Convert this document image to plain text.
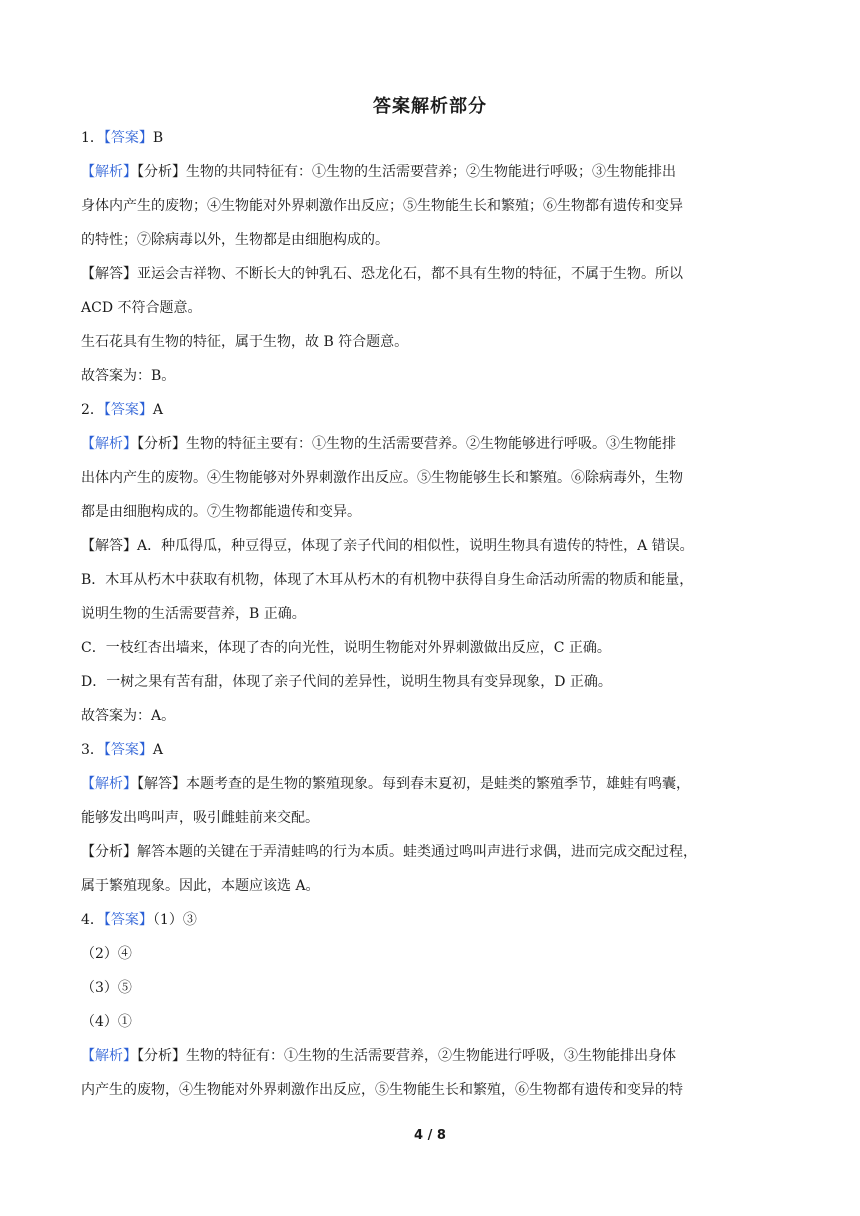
答案解析部分
1．【答案】B
【解析】【分析】生物的共同特征有：①生物的生活需要营养；②生物能进行呼吸；③生物能排出
身体内产生的废物；④生物能对外界刺激作出反应；⑤生物能生长和繁殖；⑥生物都有遗传和变异
的特性；⑦除病毒以外，生物都是由细胞构成的。
【解答】亚运会吉祥物、不断长大的钟乳石、恐龙化石，都不具有生物的特征，不属于生物。所以
ACD 不符合题意。
生石花具有生物的特征，属于生物，故 B 符合题意。
故答案为：B。
2．【答案】A
【解析】【分析】生物的特征主要有：①生物的生活需要营养。②生物能够进行呼吸。③生物能排
出体内产生的废物。④生物能够对外界刺激作出反应。⑤生物能够生长和繁殖。⑥除病毒外，生物
都是由细胞构成的。⑦生物都能遗传和变异。
【解答】A．种瓜得瓜，种豆得豆，体现了亲子代间的相似性，说明生物具有遗传的特性，A 错误。
B．木耳从朽木中获取有机物，体现了木耳从朽木的有机物中获得自身生命活动所需的物质和能量，
说明生物的生活需要营养，B 正确。
C．一枝红杏出墙来，体现了杏的向光性，说明生物能对外界刺激做出反应，C 正确。
D．一树之果有苦有甜，体现了亲子代间的差异性，说明生物具有变异现象，D 正确。
故答案为：A。
3．【答案】A
【解析】【解答】本题考查的是生物的繁殖现象。每到春末夏初，是蛙类的繁殖季节，雄蛙有鸣囊，
能够发出鸣叫声，吸引雌蛙前来交配。
【分析】解答本题的关键在于弄清蛙鸣的行为本质。蛙类通过鸣叫声进行求偶，进而完成交配过程，
属于繁殖现象。因此，本题应该选 A。
4．【答案】（1）③
（2）④
（3）⑤
（4）①
【解析】【分析】生物的特征有：①生物的生活需要营养，②生物能进行呼吸，③生物能排出身体
内产生的废物，④生物能对外界刺激作出反应，⑤生物能生长和繁殖，⑥生物都有遗传和变异的特
4 / 8
